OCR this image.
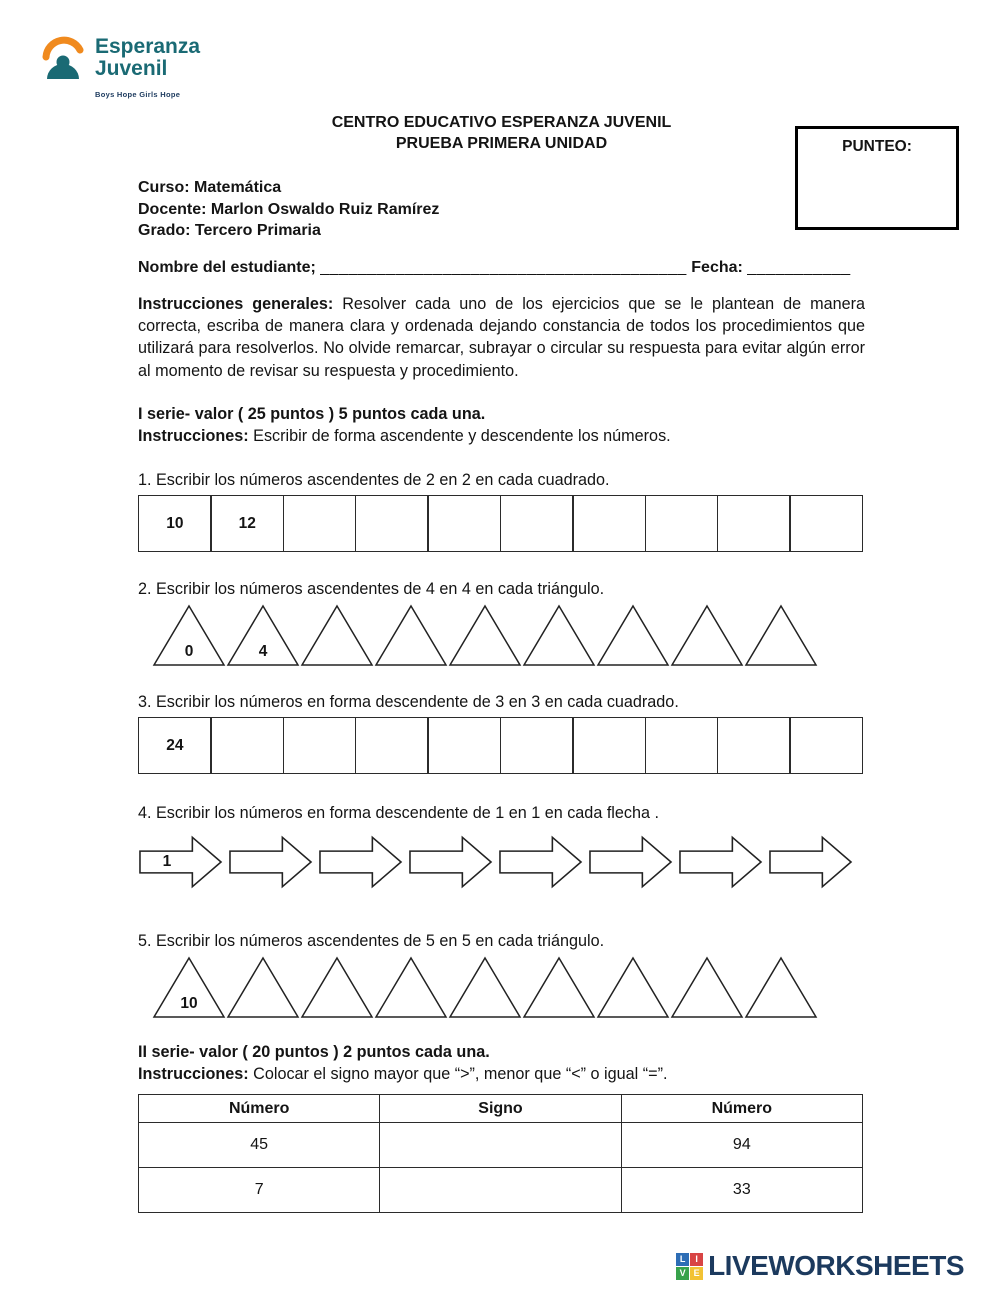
Esperanza
Juvenil
Boys Hope Girls Hope
PUNTEO:
CENTRO EDUCATIVO ESPERANZA JUVENIL
PRUEBA PRIMERA UNIDAD
Curso: Matemática
Docente: Marlon Oswaldo Ruiz Ramírez
Grado: Tercero Primaria

Nombre del estudiante; _______________________________________ Fecha: ___________

Instrucciones generales: Resolver cada uno de los ejercicios que se le plantean de manera correcta, escriba de manera clara y ordenada dejando constancia de todos los procedimientos que utilizará para resolverlos. No olvide remarcar, subrayar o circular su respuesta para evitar algún error al momento de revisar su respuesta y procedimiento.

I serie- valor ( 25 puntos ) 5 puntos cada una.

Instrucciones: Escribir de forma ascendente y descendente los números.

1. Escribir los números ascendentes de 2 en 2 en cada cuadrado.

10	12

2. Escribir los números ascendentes de 4 en 4 en cada triángulo.

0	4

3. Escribir los números en forma descendente de 3 en 3 en cada cuadrado.

24

4. Escribir los números en forma descendente de 1 en 1 en cada flecha .

1

5. Escribir los números ascendentes de 5 en 5 en cada triángulo.

10

II serie- valor ( 20 puntos ) 2 puntos cada una.

Instrucciones: Colocar el signo mayor que “>”, menor que “<” o igual “=”.

Número	Signo	Número
45		94
7		33
L	I
V E LIVEWORKSHEETS
